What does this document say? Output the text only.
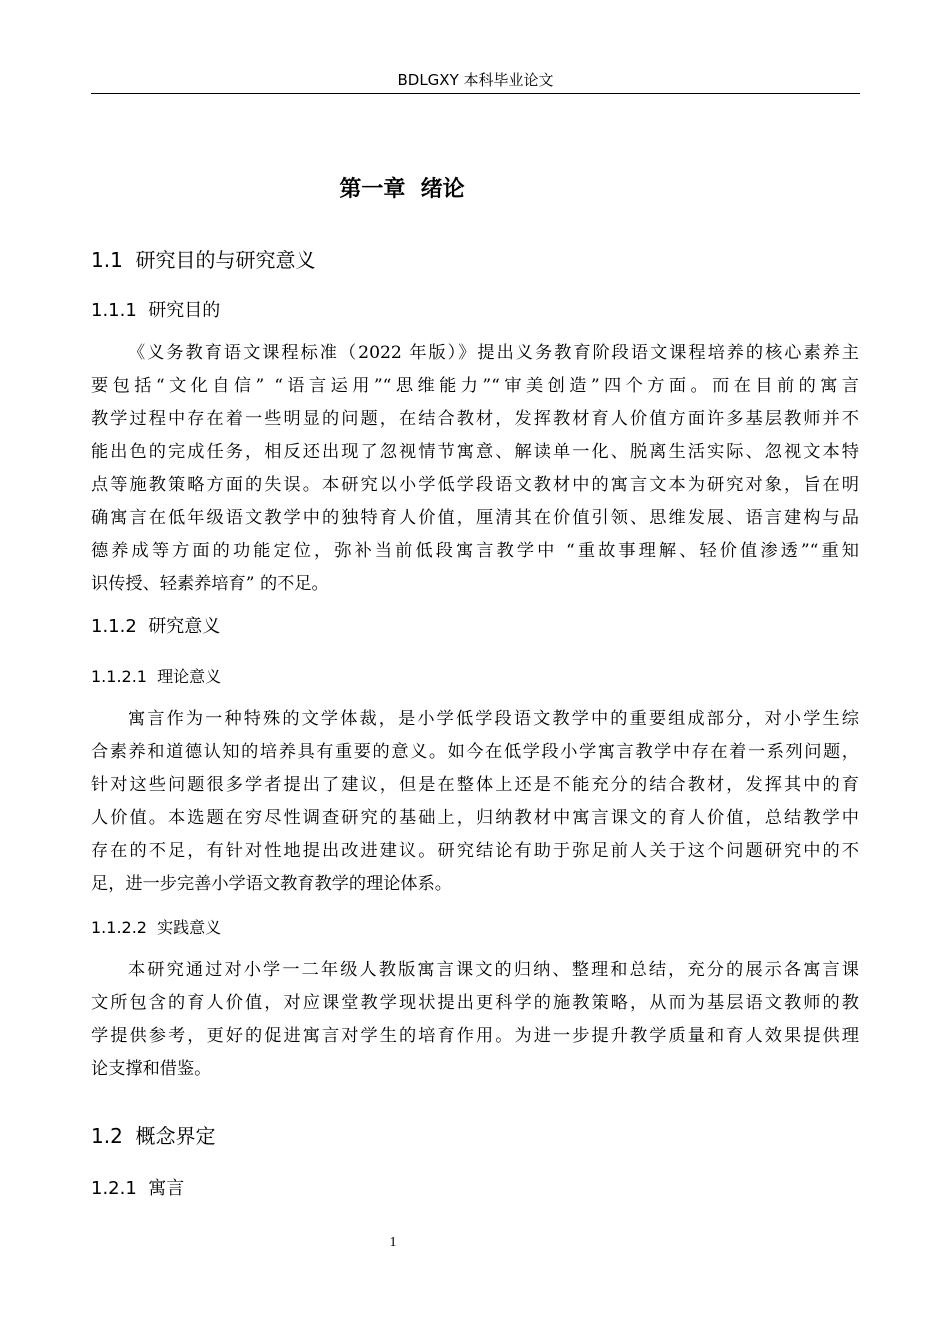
BDLGXY 本科毕业论文
第一章  绪论
1.1  研究目的与研究意义
1.1.1  研究目的
《义务教育语文课程标准（2022 年版）》提出义务教育阶段语文课程培养的核心素养主
要包括“文化自信” “语言运用”“思维能力”“审美创造”四个方面。而在目前的寓言
教学过程中存在着一些明显的问题，在结合教材，发挥教材育人价值方面许多基层教师并不
能出色的完成任务，相反还出现了忽视情节寓意、解读单一化、脱离生活实际、忽视文本特
点等施教策略方面的失误。本研究以小学低学段语文教材中的寓言文本为研究对象，旨在明
确寓言在低年级语文教学中的独特育人价值，厘清其在价值引领、思维发展、语言建构与品
德养成等方面的功能定位，弥补当前低段寓言教学中 “重故事理解、轻价值渗透”“重知
识传授、轻素养培育” 的不足。
1.1.2  研究意义
1.1.2.1  理论意义
寓言作为一种特殊的文学体裁，是小学低学段语文教学中的重要组成部分，对小学生综
合素养和道德认知的培养具有重要的意义。如今在低学段小学寓言教学中存在着一系列问题，
针对这些问题很多学者提出了建议，但是在整体上还是不能充分的结合教材，发挥其中的育
人价值。本选题在穷尽性调查研究的基础上，归纳教材中寓言课文的育人价值，总结教学中
存在的不足，有针对性地提出改进建议。研究结论有助于弥足前人关于这个问题研究中的不
足，进一步完善小学语文教育教学的理论体系。
1.1.2.2  实践意义
本研究通过对小学一二年级人教版寓言课文的归纳、整理和总结，充分的展示各寓言课
文所包含的育人价值，对应课堂教学现状提出更科学的施教策略，从而为基层语文教师的教
学提供参考，更好的促进寓言对学生的培育作用。为进一步提升教学质量和育人效果提供理
论支撑和借鉴。
1.2  概念界定
1.2.1  寓言
1
